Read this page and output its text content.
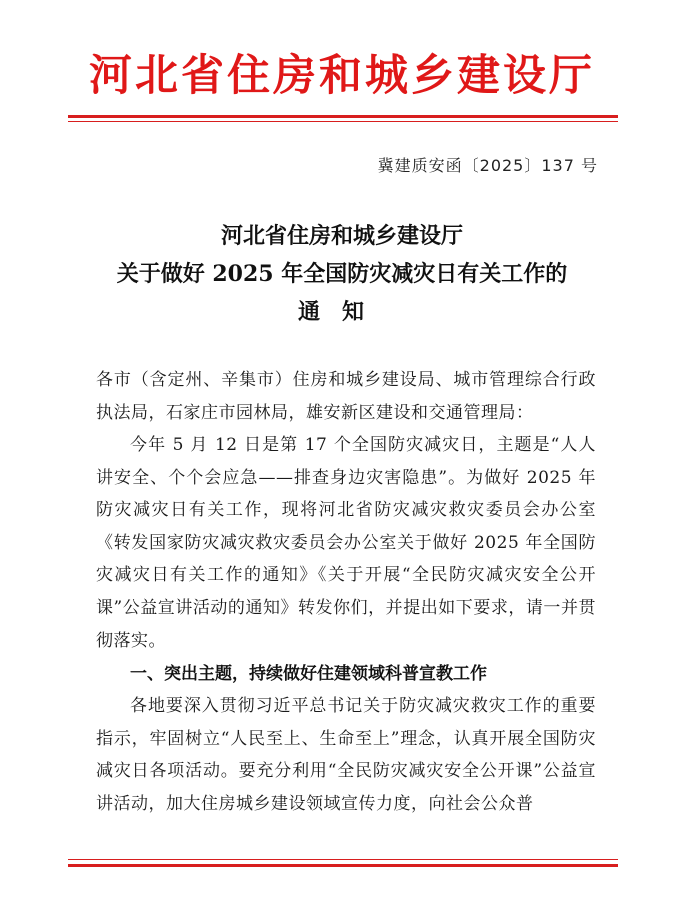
河北省住房和城乡建设厅
冀建质安函〔2025〕137 号
河北省住房和城乡建设厅
关于做好 2025 年全国防灾减灾日有关工作的
通知
各市（含定州、辛集市）住房和城乡建设局、城市管理综合行政执法局，石家庄市园林局，雄安新区建设和交通管理局：
今年 5 月 12 日是第 17 个全国防灾减灾日，主题是“人人讲安全、个个会应急——排查身边灾害隐患”。为做好 2025 年防灾减灾日有关工作，现将河北省防灾减灾救灾委员会办公室《转发国家防灾减灾救灾委员会办公室关于做好 2025 年全国防灾减灾日有关工作的通知》《关于开展“全民防灾减灾安全公开课”公益宣讲活动的通知》转发你们，并提出如下要求，请一并贯彻落实。
一、突出主题，持续做好住建领域科普宣教工作
各地要深入贯彻习近平总书记关于防灾减灾救灾工作的重要指示，牢固树立“人民至上、生命至上”理念，认真开展全国防灾减灾日各项活动。要充分利用“全民防灾减灾安全公开课”公益宣讲活动，加大住房城乡建设领域宣传力度，向社会公众普
